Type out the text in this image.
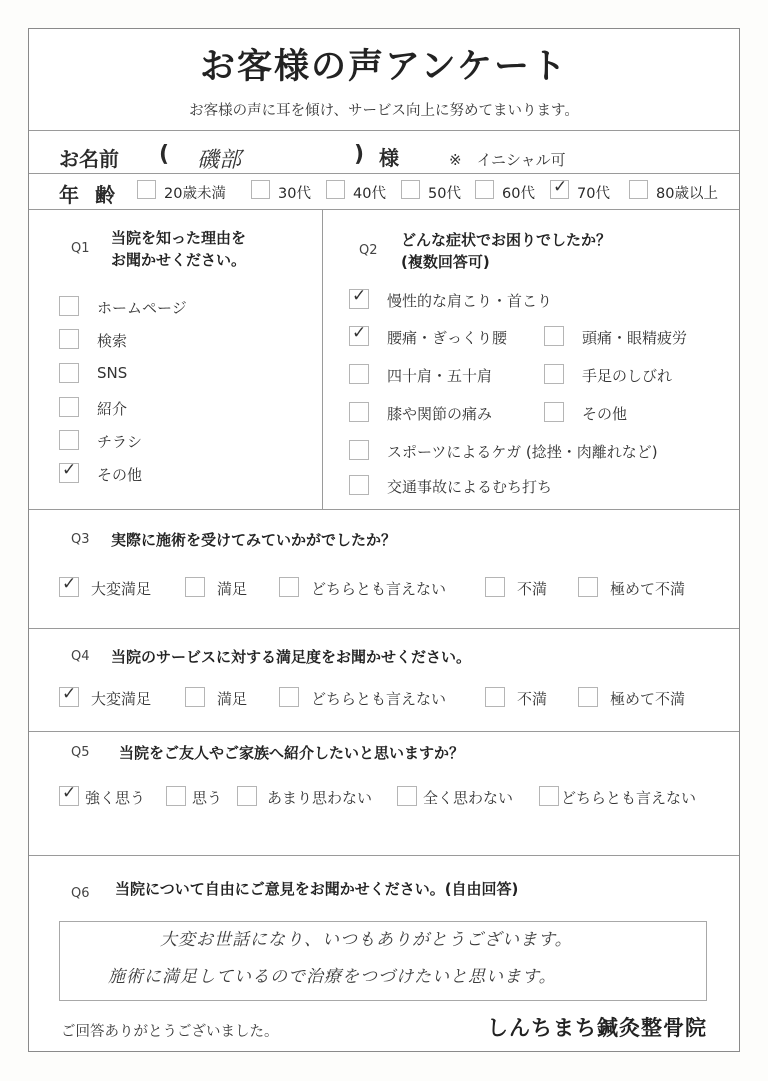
お客様の声アンケート
お客様の声に耳を傾け、サービス向上に努めてまいります。
お名前 ( 磯部	) 様	※　イニシャル可
年齢 20歳未満	30代	40代	50代	60代 ✓ 70代	80歳以上
Q1
当院を知った理由を
お聞かせください。
ホームページ
検索
SNS
紹介
チラシ
✓ その他
Q2
どんな症状でお困りでしたか？
(複数回答可)
✓ 慢性的な肩こり・首こり
✓ 腰痛・ぎっくり腰	頭痛・眼精疲労
四十肩・五十肩	手足のしびれ
膝や関節の痛み	その他
スポーツによるケガ (捻挫・肉離れなど)
交通事故によるむち打ち
Q3 実際に施術を受けてみていかがでしたか？
✓ 大変満足	満足	どちらとも言えない	不満	極めて不満
Q4 当院のサービスに対する満足度をお聞かせください。
✓ 大変満足	満足	どちらとも言えない	不満	極めて不満
Q5 当院をご友人やご家族へ紹介したいと思いますか？
✓ 強く思う	思う	あまり思わない	全く思わない	どちらとも言えない
Q6 当院について自由にご意見をお聞かせください。(自由回答)
大変お世話になり、いつもありがとうございます。
施術に満足しているので治療をつづけたいと思います。
ご回答ありがとうございました。	しんちまち鍼灸整骨院
